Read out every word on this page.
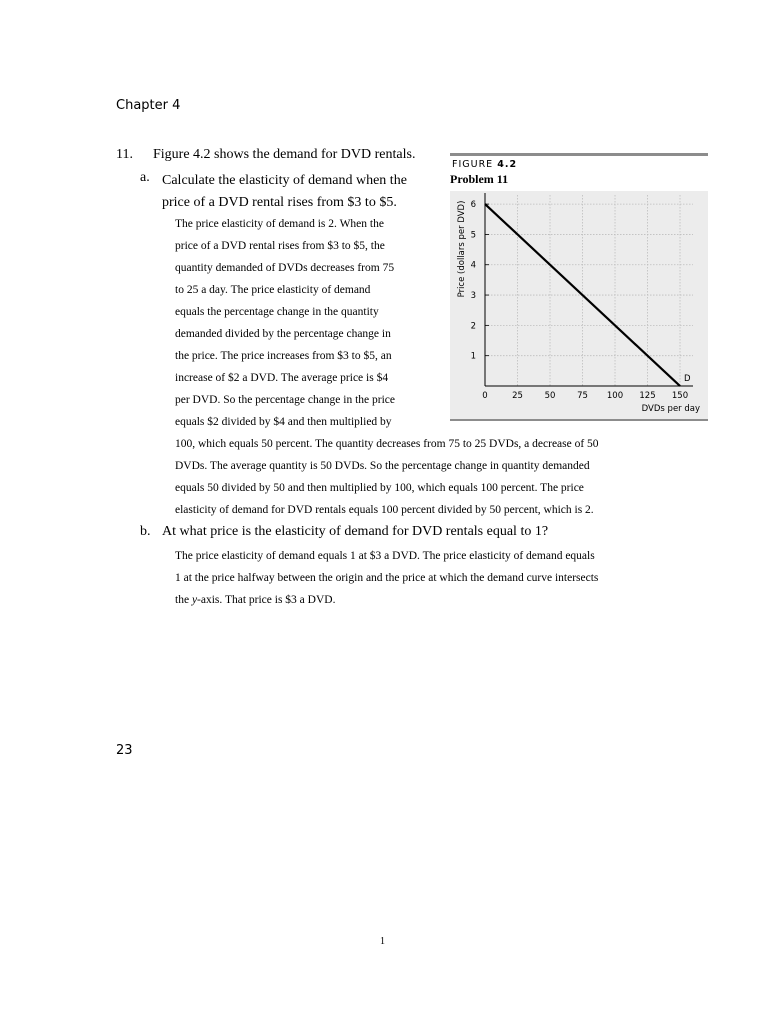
Chapter 4
11. Figure 4.2 shows the demand for DVD rentals.
a. Calculate the elasticity of demand when the
price of a DVD rental rises from $3 to $5.
The price elasticity of demand is 2. When the
price of a DVD rental rises from $3 to $5, the
quantity demanded of DVDs decreases from 75
to 25 a day. The price elasticity of demand
equals the percentage change in the quantity
demanded divided by the percentage change in
the price. The price increases from $3 to $5, an
increase of $2 a DVD. The average price is $4
per DVD. So the percentage change in the price
equals $2 divided by $4 and then multiplied by
100, which equals 50 percent. The quantity decreases from 75 to 25 DVDs, a decrease of 50
DVDs. The average quantity is 50 DVDs. So the percentage change in quantity demanded
equals 50 divided by 50 and then multiplied by 100, which equals 100 percent. The price
elasticity of demand for DVD rentals equals 100 percent divided by 50 percent, which is 2.
b. At what price is the elasticity of demand for DVD rentals equal to 1?
The price elasticity of demand equals 1 at $3 a DVD. The price elasticity of demand equals
1 at the price halfway between the origin and the price at which the demand curve intersects
the y-axis. That price is $3 a DVD.
FIGURE 4.2
Problem 11
0	25	50	75 100 125 150
1
2
3
4
5
6
D
Price (dollars per DVD)
DVDs per day
23
1
